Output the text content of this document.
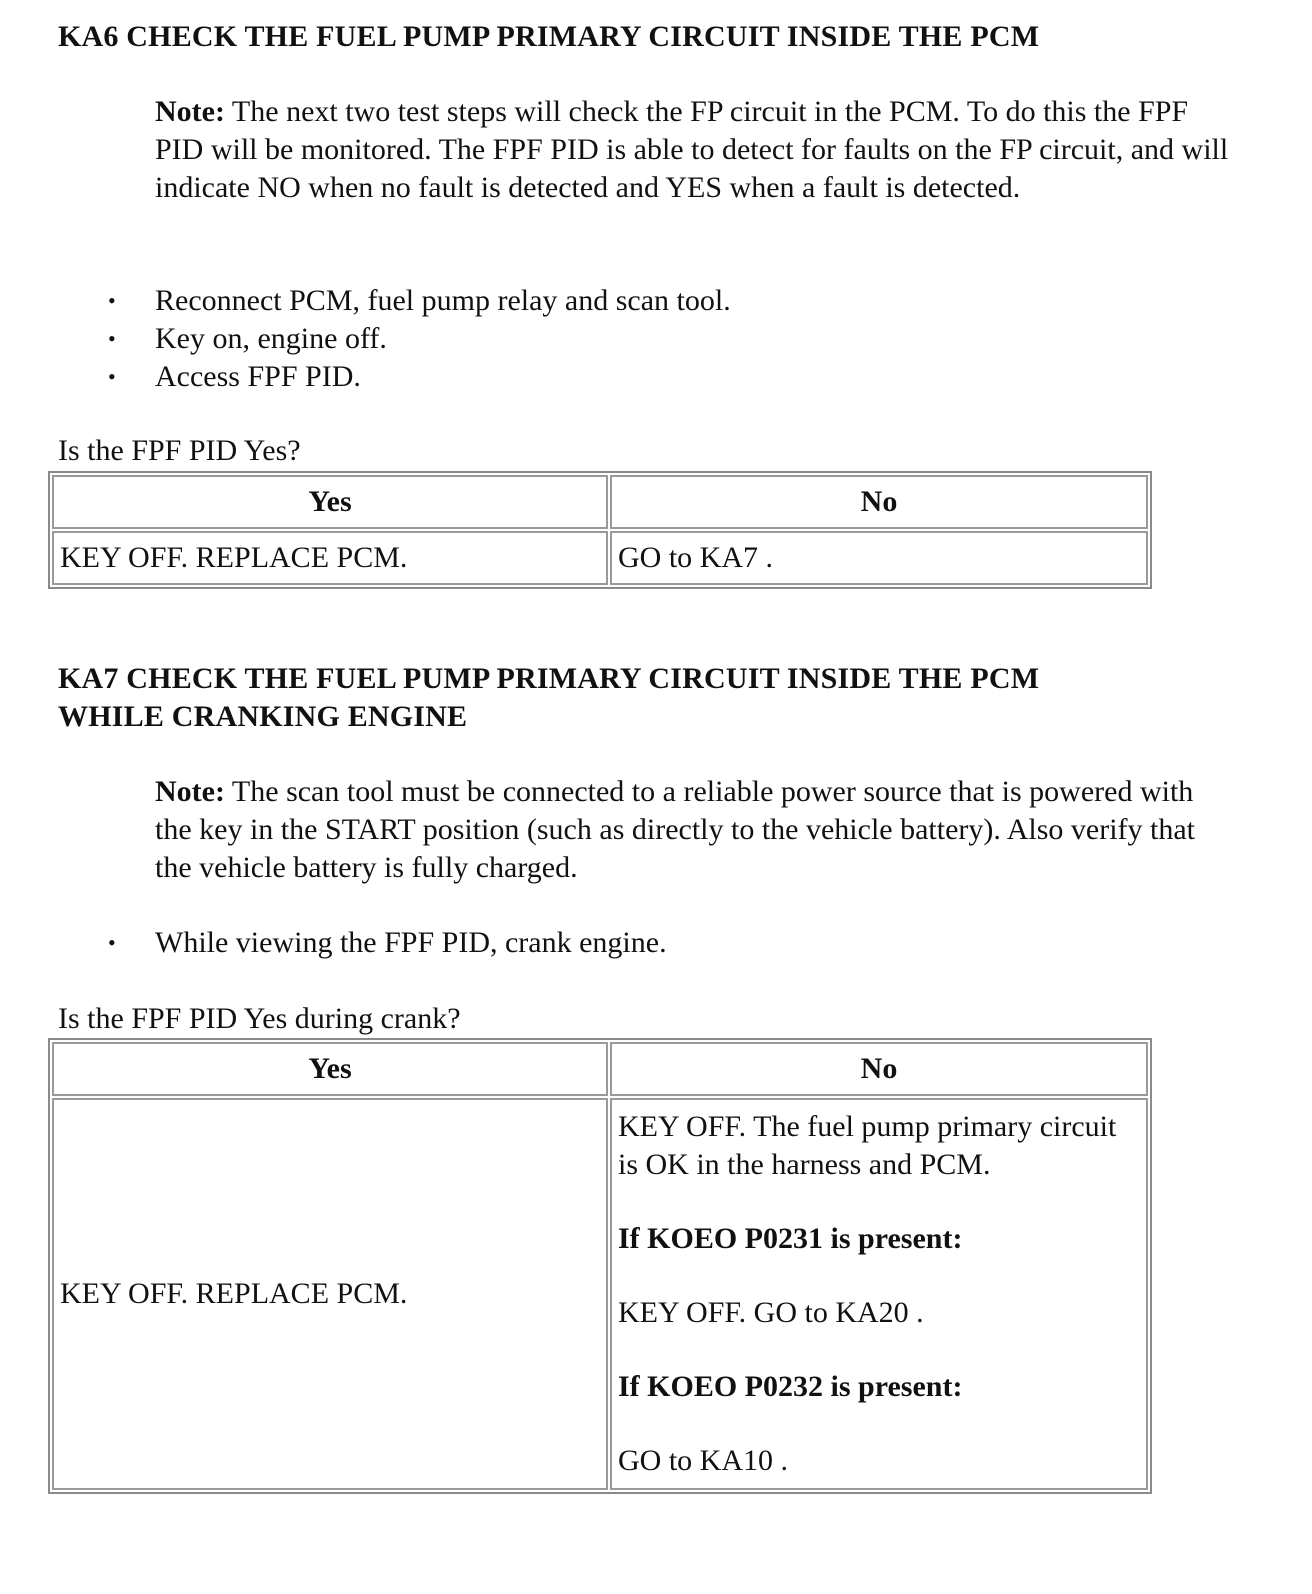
KA6 CHECK THE FUEL PUMP PRIMARY CIRCUIT INSIDE THE PCM

Note: The next two test steps will check the FP circuit in the PCM. To do this the FPF PID will be monitored. The FPF PID is able to detect for faults on the FP circuit, and will indicate NO when no fault is detected and YES when a fault is detected.

• Reconnect PCM, fuel pump relay and scan tool.
• Key on, engine off.
• Access FPF PID.

Is the FPF PID Yes?

Yes	No
KEY OFF. REPLACE PCM.	GO to KA7 .

KA7 CHECK THE FUEL PUMP PRIMARY CIRCUIT INSIDE THE PCM

WHILE CRANKING ENGINE

Note: The scan tool must be connected to a reliable power source that is powered with the key in the START position (such as directly to the vehicle battery). Also verify that the vehicle battery is fully charged.

• While viewing the FPF PID, crank engine.

Is the FPF PID Yes during crank?

Yes	No
KEY OFF. REPLACE PCM.	KEY OFF. The fuel pump primary circuit is OK in the harness and PCM.

If KOEO P0231 is present:

KEY OFF. GO to KA20 .

If KOEO P0232 is present:

GO to KA10 .
